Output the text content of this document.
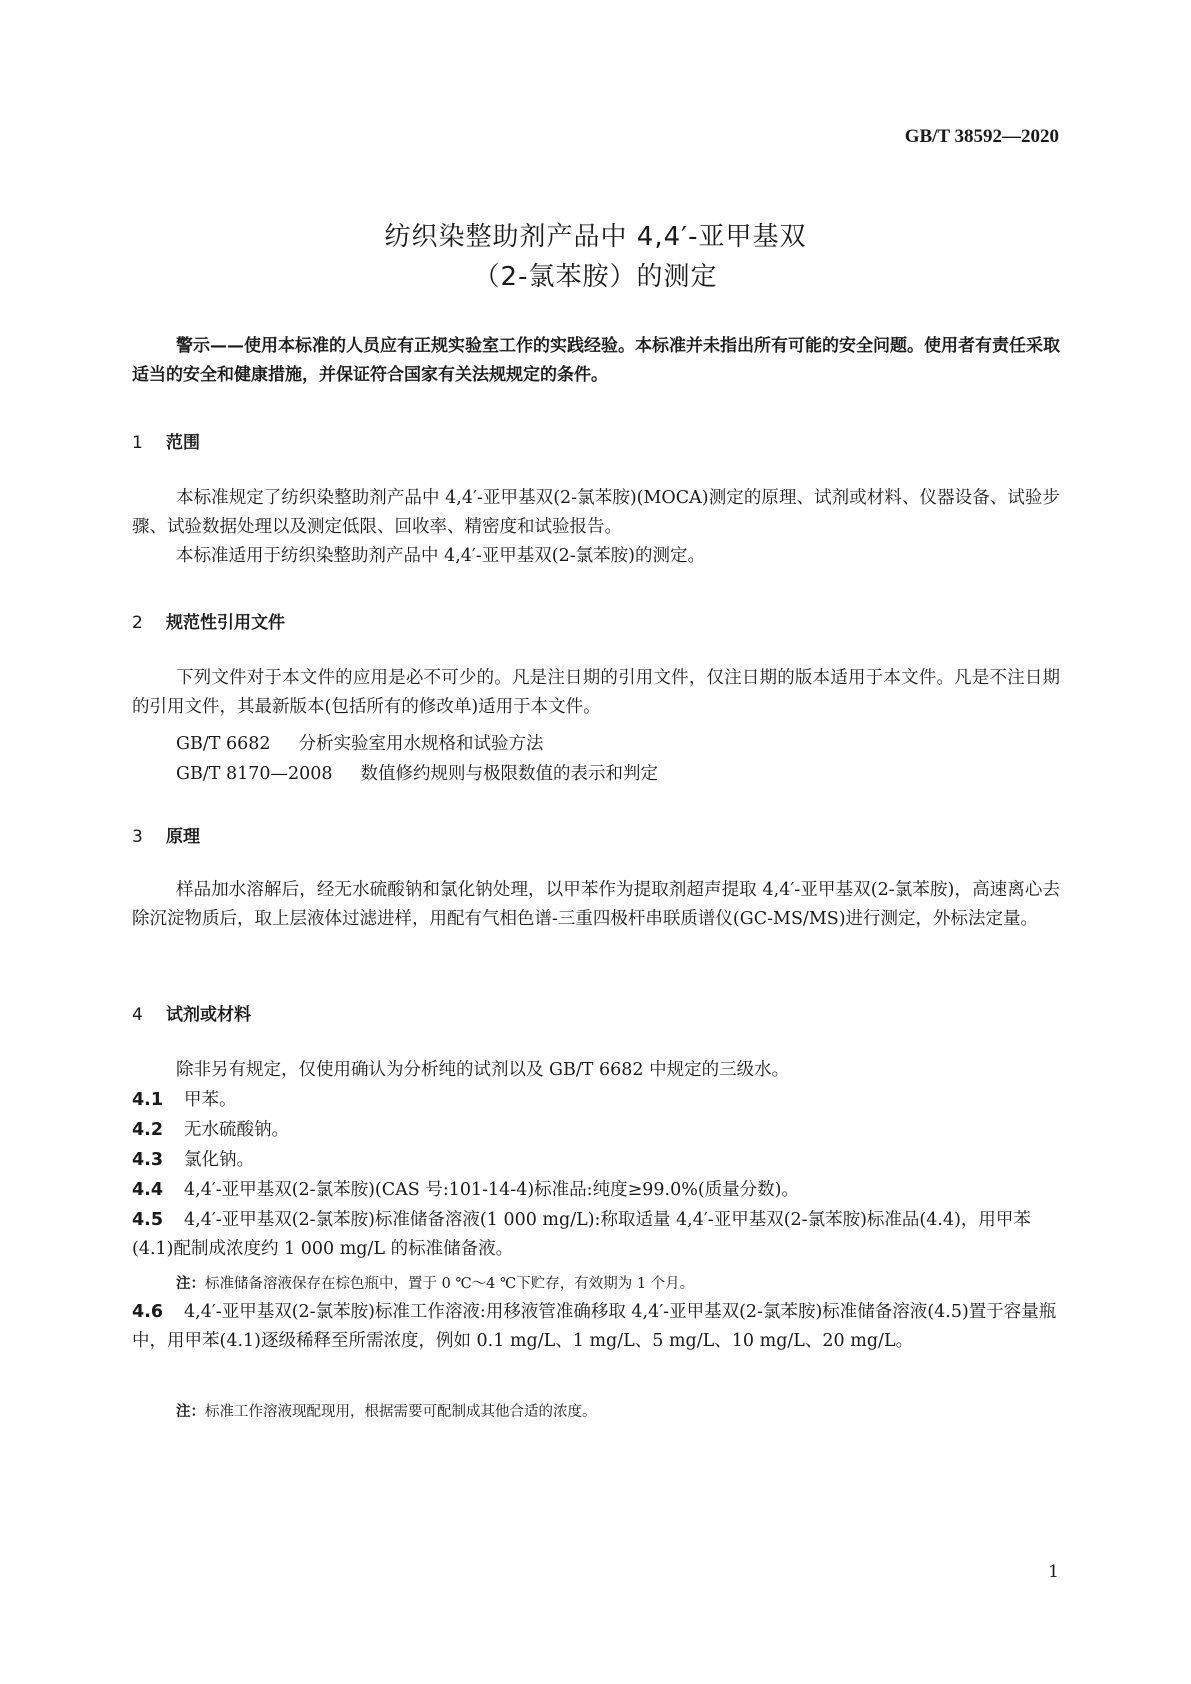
GB/T 38592—2020
纺织染整助剂产品中 4,4′-亚甲基双
（2-氯苯胺）的测定

警示——使用本标准的人员应有正规实验室工作的实践经验。本标准并未指出所有可能的安全问题。使用者有责任采取适当的安全和健康措施，并保证符合国家有关法规规定的条件。

1 范围

本标准规定了纺织染整助剂产品中 4,4′-亚甲基双(2-氯苯胺)(MOCA)测定的原理、试剂或材料、仪器设备、试验步骤、试验数据处理以及测定低限、回收率、精密度和试验报告。

本标准适用于纺织染整助剂产品中 4,4′-亚甲基双(2-氯苯胺)的测定。

2 规范性引用文件

下列文件对于本文件的应用是必不可少的。凡是注日期的引用文件，仅注日期的版本适用于本文件。凡是不注日期的引用文件，其最新版本(包括所有的修改单)适用于本文件。

GB/T 6682 分析实验室用水规格和试验方法
GB/T 8170—2008 数值修约规则与极限数值的表示和判定
3 原理

样品加水溶解后，经无水硫酸钠和氯化钠处理，以甲苯作为提取剂超声提取 4,4′-亚甲基双(2-氯苯胺)，高速离心去除沉淀物质后，取上层液体过滤进样，用配有气相色谱-三重四极杆串联质谱仪(GC-MS/MS)进行测定，外标法定量。

4 试剂或材料

除非另有规定，仅使用确认为分析纯的试剂以及 GB/T 6682 中规定的三级水。

4.1 甲苯。

4.2 无水硫酸钠。

4.3 氯化钠。

4.4 4,4′-亚甲基双(2-氯苯胺)(CAS 号:101-14-4)标准品:纯度≥99.0%(质量分数)。

4.5 4,4′-亚甲基双(2-氯苯胺)标准储备溶液(1 000 mg/L):称取适量 4,4′-亚甲基双(2-氯苯胺)标准品(4.4)，用甲苯(4.1)配制成浓度约 1 000 mg/L 的标准储备液。

注：标准储备溶液保存在棕色瓶中，置于 0 ℃～4 ℃下贮存，有效期为 1 个月。

4.6 4,4′-亚甲基双(2-氯苯胺)标准工作溶液:用移液管准确移取 4,4′-亚甲基双(2-氯苯胺)标准储备溶液(4.5)置于容量瓶中，用甲苯(4.1)逐级稀释至所需浓度，例如 0.1 mg/L、1 mg/L、5 mg/L、10 mg/L、20 mg/L。

注：标准工作溶液现配现用，根据需要可配制成其他合适的浓度。
1
